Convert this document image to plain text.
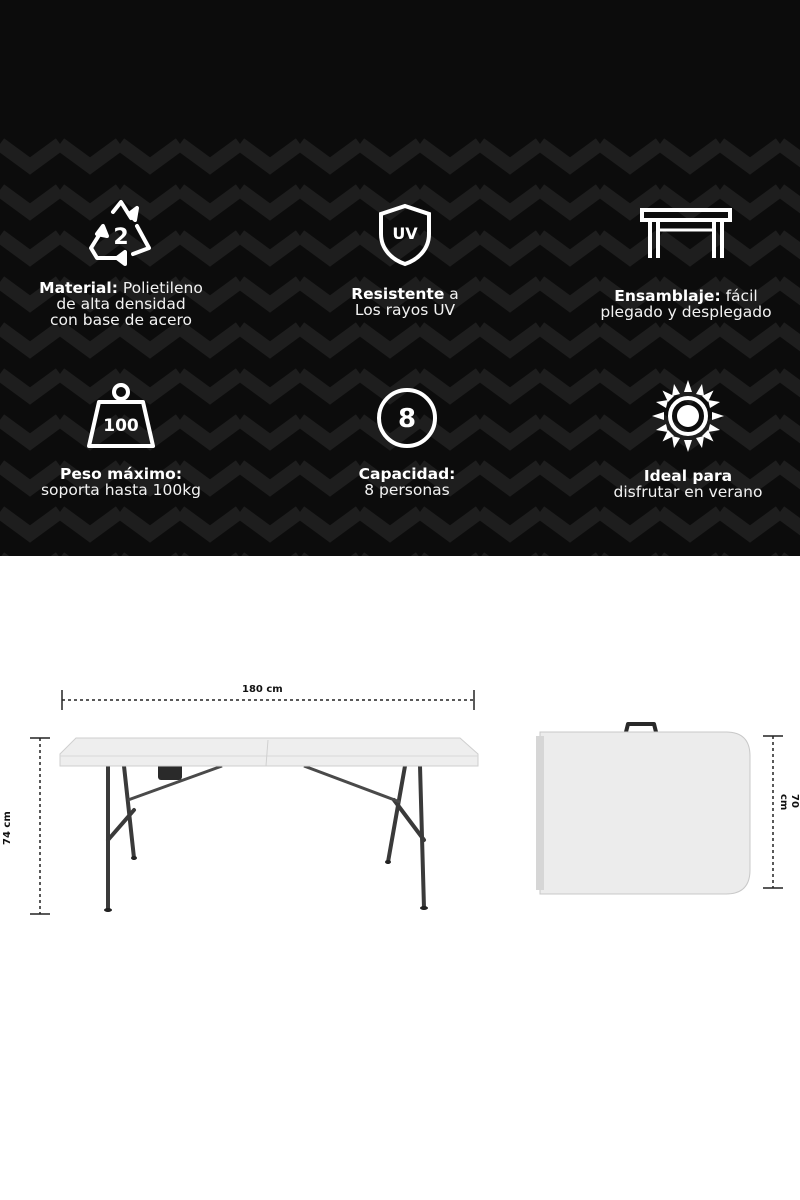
2
Material: Polietileno
de alta densidad
con base de acero
UV
Resistente a
Los rayos UV
Ensamblaje: fácil
plegado y desplegado
100
Peso máximo:
soporta hasta 100kg
8
Capacidad:
8 personas
Ideal para
disfrutar en verano
180 cm
74 cm
70 cm
